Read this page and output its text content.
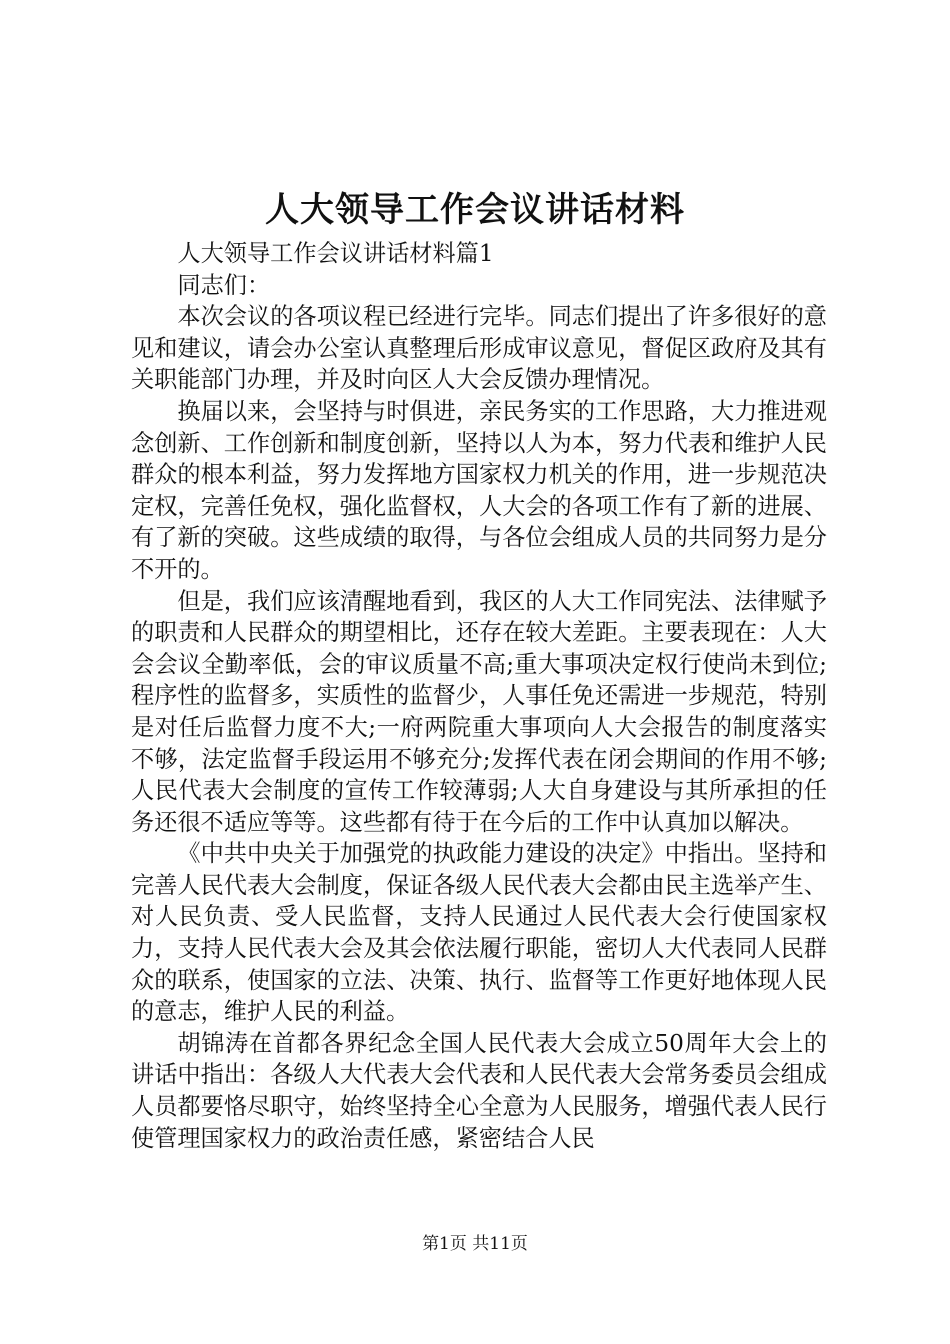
人大领导工作会议讲话材料

人大领导工作会议讲话材料篇1

同志们：

本次会议的各项议程已经进行完毕。同志们提出了许多很好的意见和建议，请会办公室认真整理后形成审议意见，督促区政府及其有关职能部门办理，并及时向区人大会反馈办理情况。

换届以来，会坚持与时俱进，亲民务实的工作思路，大力推进观念创新、工作创新和制度创新，坚持以人为本，努力代表和维护人民群众的根本利益，努力发挥地方国家权力机关的作用，进一步规范决定权，完善任免权，强化监督权，人大会的各项工作有了新的进展、有了新的突破。这些成绩的取得，与各位会组成人员的共同努力是分不开的。

但是，我们应该清醒地看到，我区的人大工作同宪法、法律赋予的职责和人民群众的期望相比，还存在较大差距。主要表现在：人大会会议全勤率低，会的审议质量不高;重大事项决定权行使尚未到位;程序性的监督多，实质性的监督少，人事任免还需进一步规范，特别是对任后监督力度不大;一府两院重大事项向人大会报告的制度落实不够，法定监督手段运用不够充分;发挥代表在闭会期间的作用不够;人民代表大会制度的宣传工作较薄弱;人大自身建设与其所承担的任务还很不适应等等。这些都有待于在今后的工作中认真加以解决。

《中共中央关于加强党的执政能力建设的决定》中指出。坚持和完善人民代表大会制度，保证各级人民代表大会都由民主选举产生、对人民负责、受人民监督，支持人民通过人民代表大会行使国家权力，支持人民代表大会及其会依法履行职能，密切人大代表同人民群众的联系，使国家的立法、决策、执行、监督等工作更好地体现人民的意志，维护人民的利益。

胡锦涛在首都各界纪念全国人民代表大会成立50周年大会上的讲话中指出：各级人大代表大会代表和人民代表大会常务委员会组成人员都要恪尽职守，始终坚持全心全意为人民服务，增强代表人民行使管理国家权力的政治责任感，紧密结合人民

第1页 共11页
